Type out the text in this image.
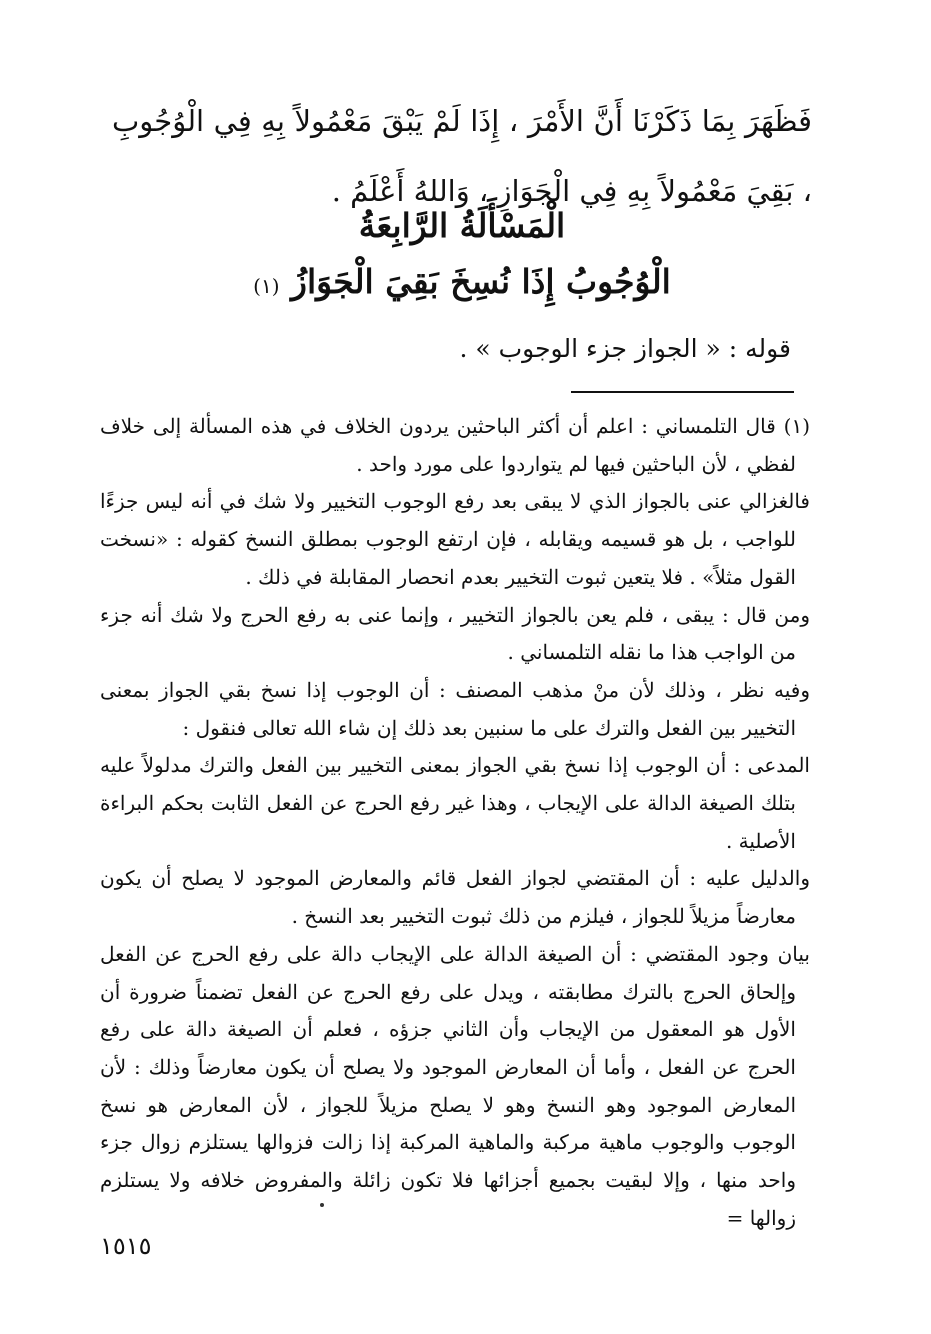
فَظَهَرَ بِمَا ذَكَرْنَا أَنَّ الأَمْرَ ، إِذَا لَمْ يَبْقَ مَعْمُولاً بِهِ فِي الْوُجُوبِ ، بَقِيَ مَعْمُولاً بِهِ فِي الْجَوَازِ ، وَاللهُ أَعْلَمُ .

الْمَسْأَلَةُ الرَّابِعَةُ
الْوُجُوبُ إِذَا نُسِخَ بَقِيَ الْجَوَازُ (١)
قوله : « الجواز جزء الوجوب » .

(١) قال التلمساني : اعلم أن أكثر الباحثين يردون الخلاف في هذه المسألة إلى خلاف لفظي ، لأن الباحثين فيها لم يتواردوا على مورد واحد .

فالغزالي عنى بالجواز الذي لا يبقى بعد رفع الوجوب التخيير ولا شك في أنه ليس جزءًا للواجب ، بل هو قسيمه ويقابله ، فإن ارتفع الوجوب بمطلق النسخ كقوله : «نسخت القول مثلاً» . فلا يتعين ثبوت التخيير بعدم انحصار المقابلة في ذلك .

ومن قال : يبقى ، فلم يعن بالجواز التخيير ، وإنما عنى به رفع الحرج ولا شك أنه جزء من الواجب هذا ما نقله التلمساني .

وفيه نظر ، وذلك لأن منْ مذهب المصنف : أن الوجوب إذا نسخ بقي الجواز بمعنى التخيير بين الفعل والترك على ما سنبين بعد ذلك إن شاء الله تعالى فنقول :

المدعى : أن الوجوب إذا نسخ بقي الجواز بمعنى التخيير بين الفعل والترك مدلولاً عليه بتلك الصيغة الدالة على الإيجاب ، وهذا غير رفع الحرج عن الفعل الثابت بحكم البراءة الأصلية .

والدليل عليه : أن المقتضي لجواز الفعل قائم والمعارض الموجود لا يصلح أن يكون معارضاً مزيلاً للجواز ، فيلزم من ذلك ثبوت التخيير بعد النسخ .

بيان وجود المقتضي : أن الصيغة الدالة على الإيجاب دالة على رفع الحرج عن الفعل وإلحاق الحرج بالترك مطابقته ، ويدل على رفع الحرج عن الفعل تضمناً ضرورة أن الأول هو المعقول من الإيجاب وأن الثاني جزؤه ، فعلم أن الصيغة دالة على رفع الحرج عن الفعل ، وأما أن المعارض الموجود ولا يصلح أن يكون معارضاً وذلك : لأن المعارض الموجود وهو النسخ وهو لا يصلح مزيلاً للجواز ، لأن المعارض هو نسخ الوجوب والوجوب ماهية مركبة والماهية المركبة إذا زالت فزوالها يستلزم زوال جزء واحد منها ، وإلا لبقيت بجميع أجزائها فلا تكون زائلة والمفروض خلافه ولا يستلزم زوالها =

١٥١٥
